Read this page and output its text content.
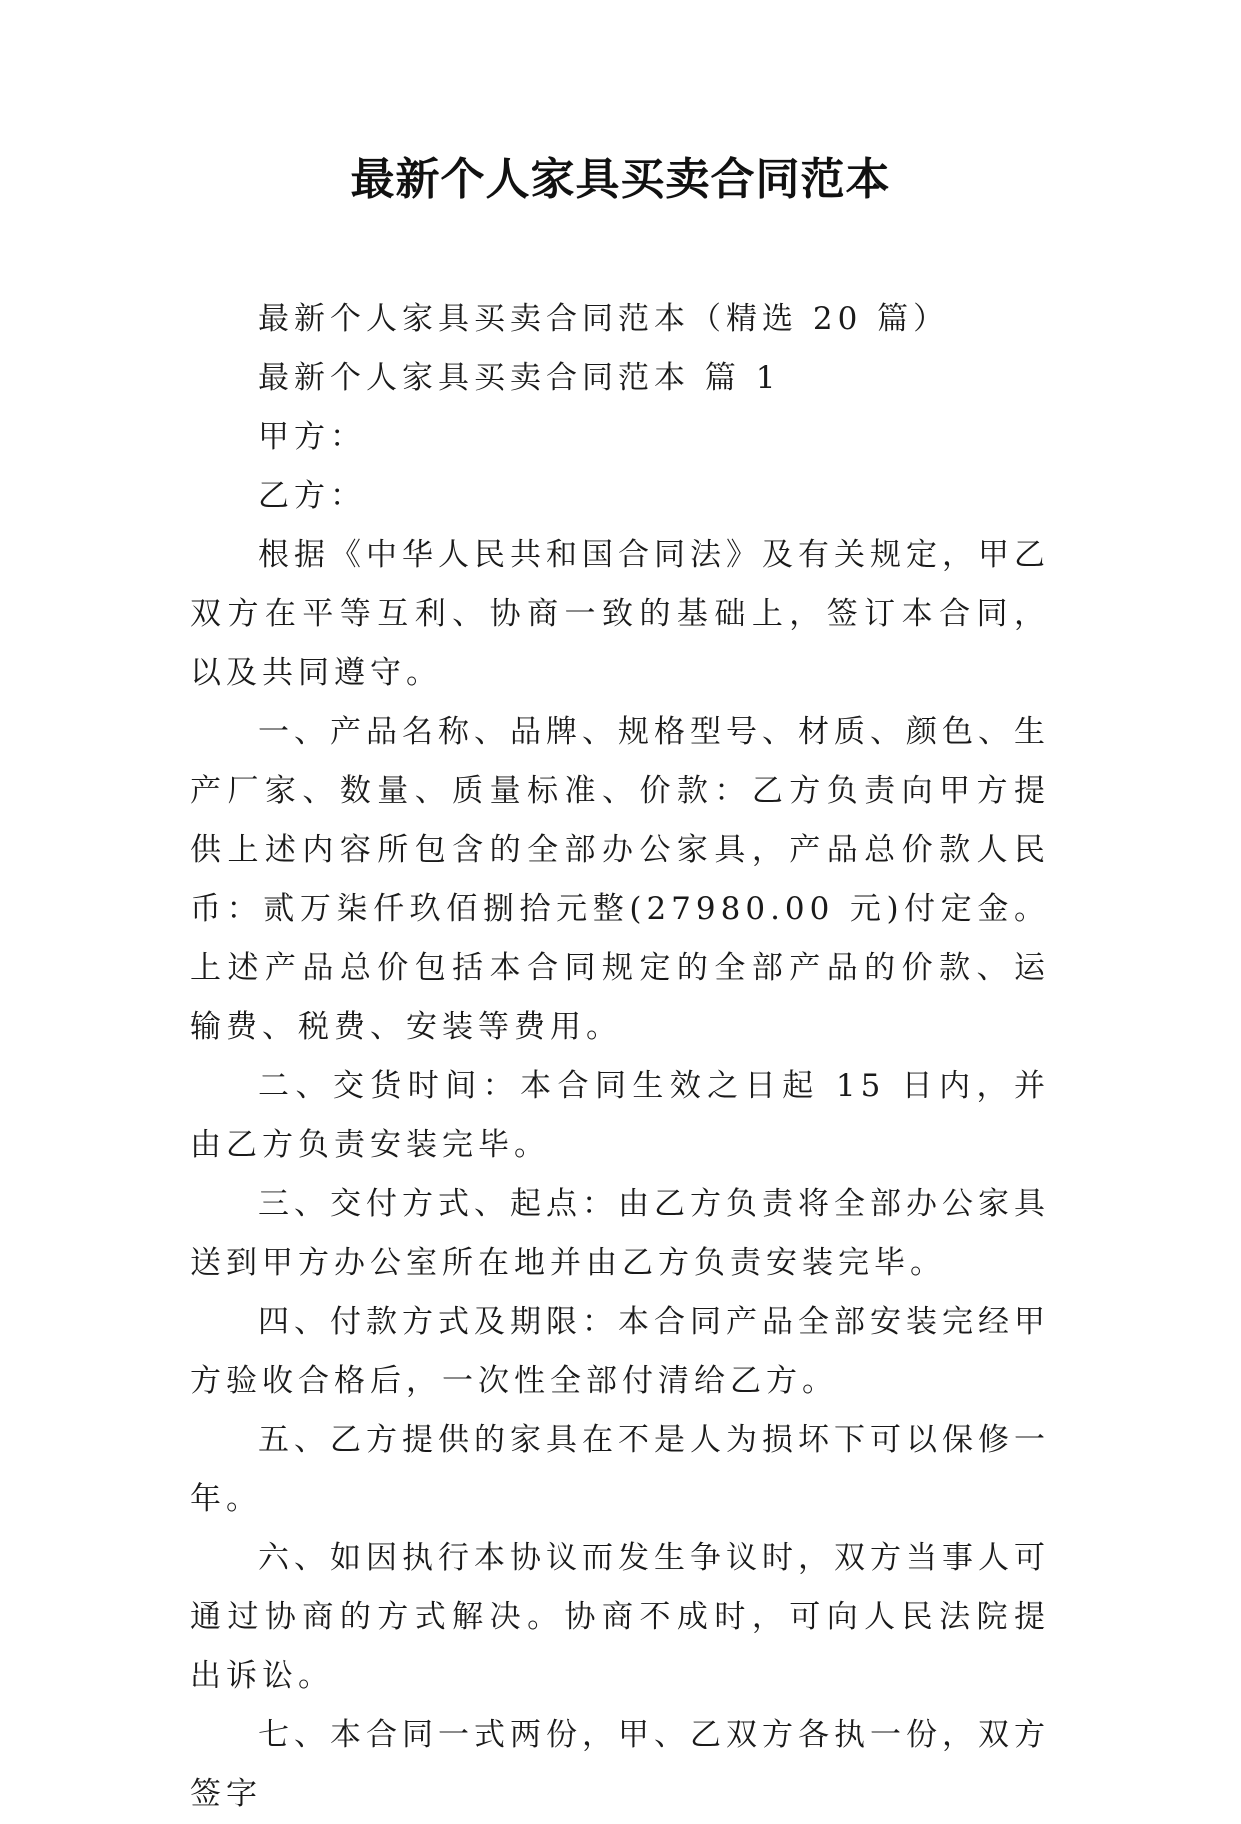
最新个人家具买卖合同范本

最新个人家具买卖合同范本（精选 20 篇）

最新个人家具买卖合同范本 篇 1

甲方：

乙方：

根据《中华人民共和国合同法》及有关规定，甲乙双方在平等互利、协商一致的基础上，签订本合同，以及共同遵守。

一、产品名称、品牌、规格型号、材质、颜色、生产厂家、数量、质量标准、价款：乙方负责向甲方提供上述内容所包含的全部办公家具，产品总价款人民币：贰万柒仟玖佰捌拾元整(27980.00 元)付定金。上述产品总价包括本合同规定的全部产品的价款、运输费、税费、安装等费用。

二、交货时间：本合同生效之日起 15 日内，并由乙方负责安装完毕。

三、交付方式、起点：由乙方负责将全部办公家具送到甲方办公室所在地并由乙方负责安装完毕。

四、付款方式及期限：本合同产品全部安装完经甲方验收合格后，一次性全部付清给乙方。

五、乙方提供的家具在不是人为损坏下可以保修一年。

六、如因执行本协议而发生争议时，双方当事人可通过协商的方式解决。协商不成时，可向人民法院提出诉讼。

七、本合同一式两份，甲、乙双方各执一份，双方签字
